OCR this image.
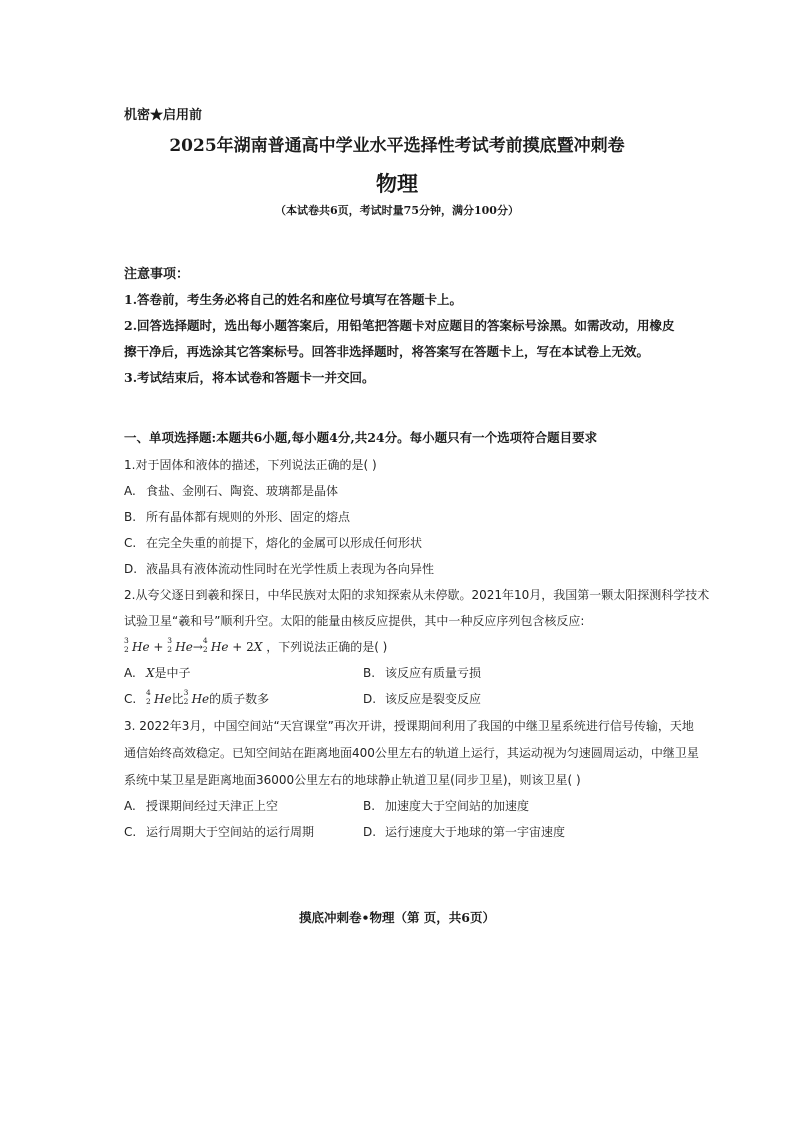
机密★启用前
2025年湖南普通高中学业水平选择性考试考前摸底暨冲刺卷
物理
（本试卷共6页，考试时量75分钟，满分100分）
注意事项：
1.答卷前，考生务必将自己的姓名和座位号填写在答题卡上。
2.回答选择题时，选出每小题答案后，用铅笔把答题卡对应题目的答案标号涂黑。如需改动，用橡皮
擦干净后，再选涂其它答案标号。回答非选择题时，将答案写在答题卡上，写在本试卷上无效。
3.考试结束后，将本试卷和答题卡一并交回。
一、单项选择题:本题共6小题,每小题4分,共24分。每小题只有一个选项符合题目要求
1.对于固体和液体的描述，下列说法正确的是( )
A. 食盐、金刚石、陶瓷、玻璃都是晶体
B. 所有晶体都有规则的外形、固定的熔点
C. 在完全失重的前提下，熔化的金属可以形成任何形状
D. 液晶具有液体流动性同时在光学性质上表现为各向异性
2.从夸父逐日到羲和探日，中华民族对太阳的求知探索从未停歇。2021年10月，我国第一颗太阳探测科学技术
试验卫星“羲和号”顺利升空。太阳的能量由核反应提供，其中一种反应序列包含核反应:
3
2 He + 3
2 He→ 4
2 He + 2X ，下列说法正确的是( )
A. X是中子	B. 该反应有质量亏损
C. 4
2 He比 3
2 He的质子数多	D. 该反应是裂变反应
3. 2022年3月，中国空间站“天宫课堂”再次开讲，授课期间利用了我国的中继卫星系统进行信号传输，天地
通信始终高效稳定。已知空间站在距离地面400公里左右的轨道上运行，其运动视为匀速圆周运动，中继卫星
系统中某卫星是距离地面36000公里左右的地球静止轨道卫星(同步卫星)，则该卫星( )
A. 授课期间经过天津正上空	B. 加速度大于空间站的加速度
C. 运行周期大于空间站的运行周期	D. 运行速度大于地球的第一宇宙速度
摸底冲刺卷•物理（第 页，共6页）
